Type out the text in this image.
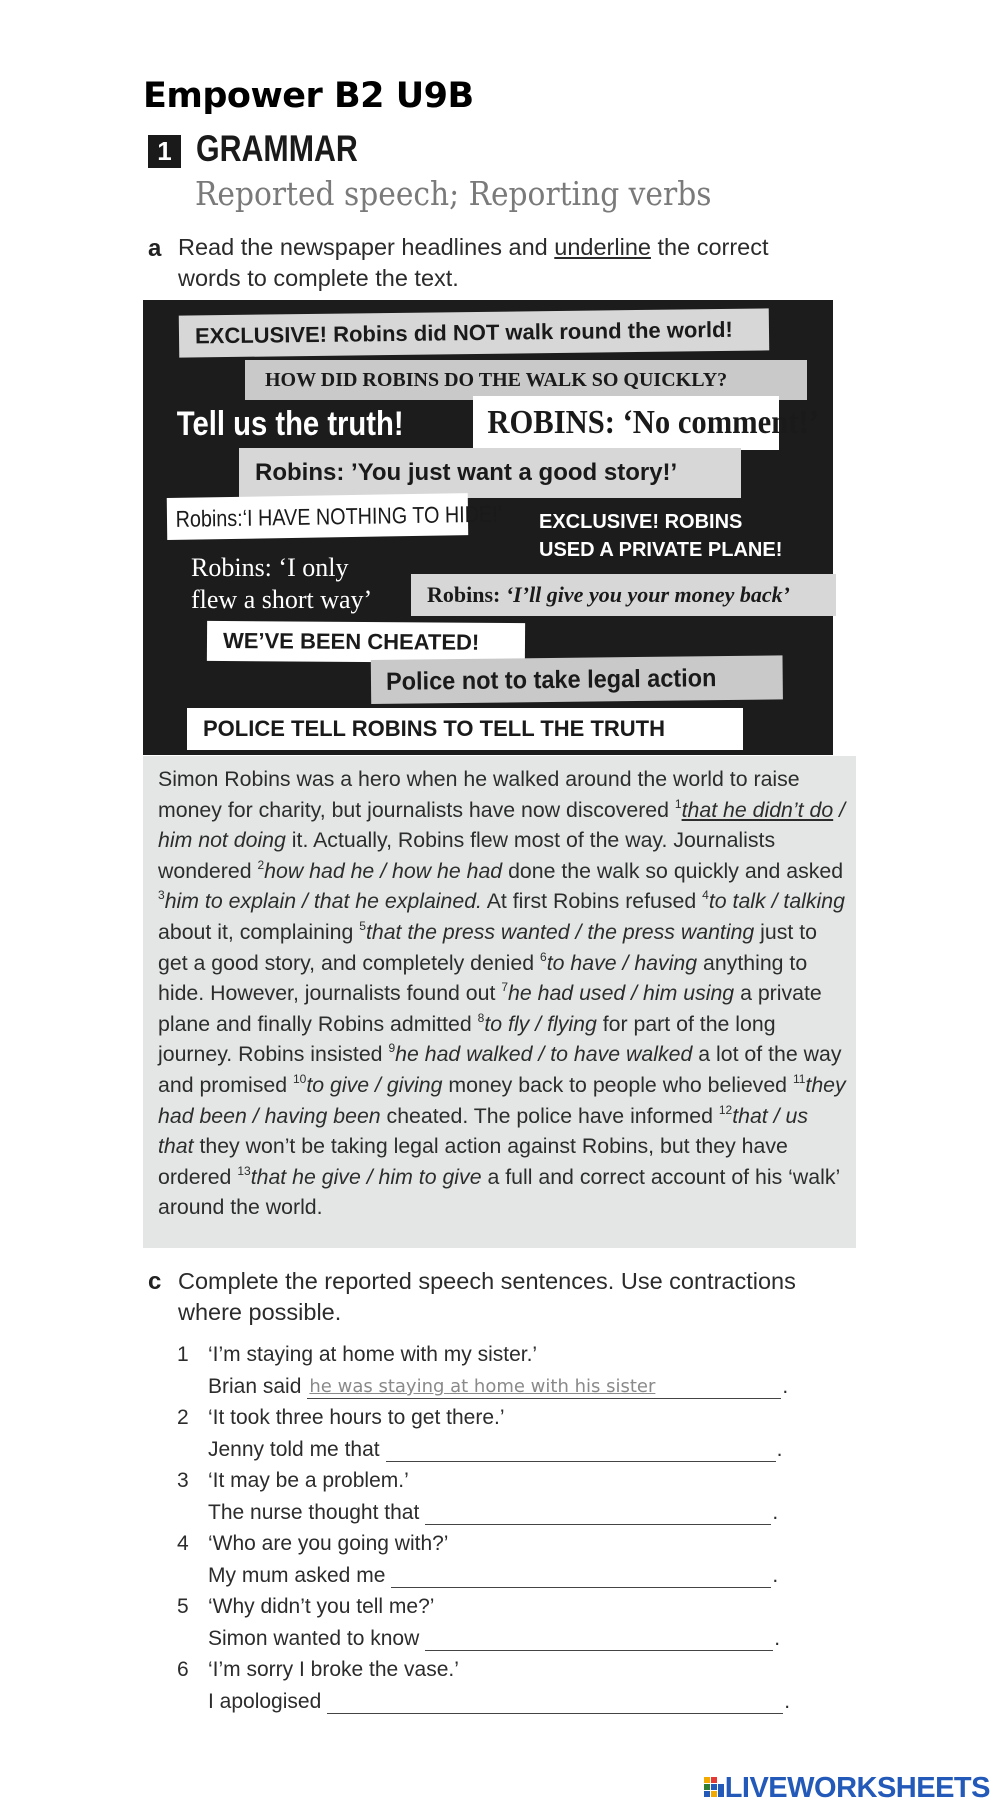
Empower B2 U9B
1 GRAMMAR
Reported speech; Reporting verbs
a Read the newspaper headlines and underline the correct
words to complete the text.
EXCLUSIVE! Robins did NOT walk round the world!
HOW DID ROBINS DO THE WALK SO QUICKLY?
Tell us the truth!	ROBINS: ‘No comment!’
Robins: ’You just want a good story!’
Robins:‘I HAVE NOTHING TO HIDE!’	EXCLUSIVE! ROBINS
USED A PRIVATE PLANE!
Robins: ‘I only
flew a short way’	Robins:
‘I’ll give you your money back’
WE’VE BEEN CHEATED!
Police not to take legal action
POLICE TELL ROBINS TO TELL THE TRUTH
Simon Robins was a hero when he walked around the world to raise money for charity, but journalists have now discovered $^1$that he didn’t do / him not doing it. Actually, Robins flew most of the way. Journalists wondered $^2$how had he / how he had done the walk so quickly and asked $^3$him to explain / that he explained. At first Robins refused $^4$to talk / talking about it, complaining $^5$that the press wanted / the press wanting just to get a good story, and completely denied $^6$to have / having anything to hide. However, journalists found out $^7$he had used / him using a private plane and finally Robins admitted $^8$to fly / flying for part of the long journey. Robins insisted $^9$he had walked / to have walked a lot of the way and promised $^{10}$to give / giving money back to people who believed $^{11}$they had been / having been cheated. The police have informed $^{12}$that / us that they won’t be taking legal action against Robins, but they have ordered $^{13}$that he give / him to give a full and correct account of his ‘walk’ around the world.
c Complete the reported speech sentences. Use contractions
where possible.
1 ‘I’m staying at home with my sister.’
Brian said he was staying at home with his sister	.
2 ‘It took three hours to get there.’
Jenny told me that	.
3 ‘It may be a problem.’
The nurse thought that	.
4 ‘Who are you going with?’
My mum asked me	.
5 ‘Why didn’t you tell me?’
Simon wanted to know	.
6 ‘I’m sorry I broke the vase.’
I apologised	.
LIVEWORKSHEETS
